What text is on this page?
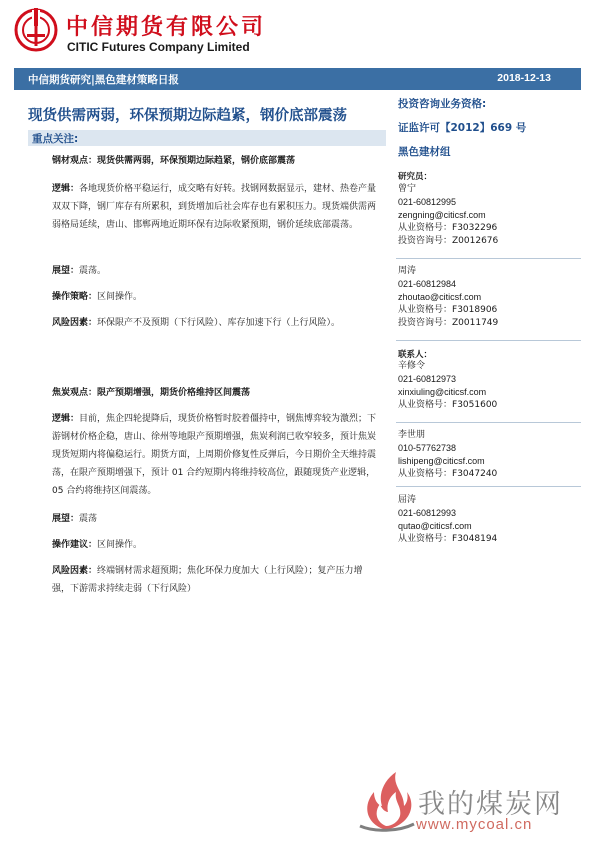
中信期货有限公司
CITIC Futures Company Limited
中信期货研究|黑色建材策略日报	2018-12-13
现货供需两弱，环保预期边际趋紧，钢价底部震荡
重点关注:
钢材观点：现货供需两弱，环保预期边际趋紧，钢价底部震荡
逻辑：各地现货价格平稳运行，成交略有好转。找钢网数据显示，建材、热卷产量双双下降，钢厂库存有所累积，到货增加后社会库存也有累积压力。现货端供需两弱格局延续，唐山、邯郸两地近期环保有边际收紧预期，钢价延续底部震荡。
展望：震荡。
操作策略：区间操作。
风险因素：环保限产不及预期（下行风险）、库存加速下行（上行风险）。
焦炭观点：限产预期增强，期货价格维持区间震荡
逻辑：目前，焦企四轮提降后，现货价格暂时胶着僵持中，钢焦博弈较为激烈；下游钢材价格企稳，唐山、徐州等地限产预期增强，焦炭利润已收窄较多，预计焦炭现货短期内将偏稳运行。期货方面，上周期价修复性反弹后，今日期价全天维持震荡，在限产预期增强下，预计 01 合约短期内将维持较高位，跟随现货产业逻辑，05 合约将维持区间震荡。
展望：震荡
操作建议：区间操作。
风险因素：终端钢材需求超预期；焦化环保力度加大（上行风险）；复产压力增强，下游需求持续走弱（下行风险）
投资咨询业务资格:
证监许可【2012】669 号
黑色建材组
研究员：
曾宁
021-60812995
zengning@citicsf.com
从业资格号：F3032296
投资咨询号：Z0012676
周涛
021-60812984
zhoutao@citicsf.com
从业资格号：F3018906
投资咨询号：Z0011749
联系人：
辛修令
021-60812973
xinxiuling@citicsf.com
从业资格号：F3051600
李世朋
010-57762738
lishipeng@citicsf.com
从业资格号：F3047240
屈涛
021-60812993
qutao@citicsf.com
从业资格号：F3048194
我的煤炭网
www.mycoal.cn
